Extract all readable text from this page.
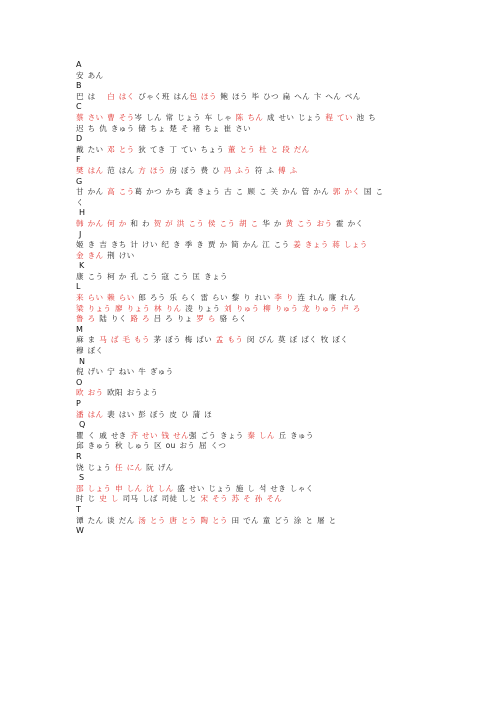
A
安 あん
B
巴 は 　白 はく びゃく班 はん包 ほう 鲍 ほう 毕 ひつ 扁 へん 卞 へん べん
C
蔡 さい 曹 そう岑 しん 常 じょう 车 しゃ 陈 ちん 成 せい じょう 程 てい 池 ち
迟 ち 仇 きゅう 储 ちょ 楚 そ 褚 ちょ 崔 さい
D
戴 たい 邓 とう 狄 てき 丁 てい ちょう 董 とう 杜 と 段 だん
F
樊 はん 范 はん 方 ほう 房 ぼう 费 ひ 冯 ふう 符 ふ 傅 ふ
G
甘 かん 高 こう葛 かつ かち 龚 きょう 古 こ 顾 こ 关 かん 管 かん 郭 かく 国 こ
く
H
韩 かん 何 か 和 わ 贺 が 洪 こう 侯 こう 胡 こ 华 か 黄 こう おう 霍 かく
J
姬 き 吉 きち 计 けい 纪 き 季 き 贾 か 简 かん 江 こう 姜 きょう 蒋 しょう
金 きん 荆 けい
K
康 こう 柯 か 孔 こう 寇 こう 匡 きょう
L
来 らい 赖 らい 郎 ろう 乐 らく 雷 らい 黎 り れい 李 り 连 れん 廉 れん
梁 りょう 廖 りょう 林 りん 凌 りょう 刘 りゅう 柳 りゅう 龙 りゅう 卢 ろ
鲁 ろ 陆 りく 路 ろ 吕 ろ りょ 罗 ら 骆 らく
M
麻 ま 马 ば 毛 もう 茅 ぼう 梅 ばい 孟 もう 闵 びん 莫 ぼ ばく 牧 ぼく
穆 ぼく
N
倪 げい 宁 ねい 牛 ぎゅう
O
欧 おう 欧阳 おうよう
P
潘 はん 裴 はい 彭 ぼう 皮 ひ 蒲 ほ
Q
瞿 く 戚 せき 齐 せい 钱 せん强 ごう きょう 秦 しん 丘 きゅう
邱 きゅう 秋 しゅう 区 ou おう 屈 くつ
R
饶 じょう 任 にん 阮 げん
S
邵 しょう 申 しん 沈 しん 盛 せい じょう 施 し 석 せき しゃく
时 じ 史 し 司马 しば 司徒 しと 宋 そう 苏 そ 孙 そん
T
谭 たん 谈 だん 汤 とう 唐 とう 陶 とう 田 でん 童 どう 涂 と 屠 と
W
